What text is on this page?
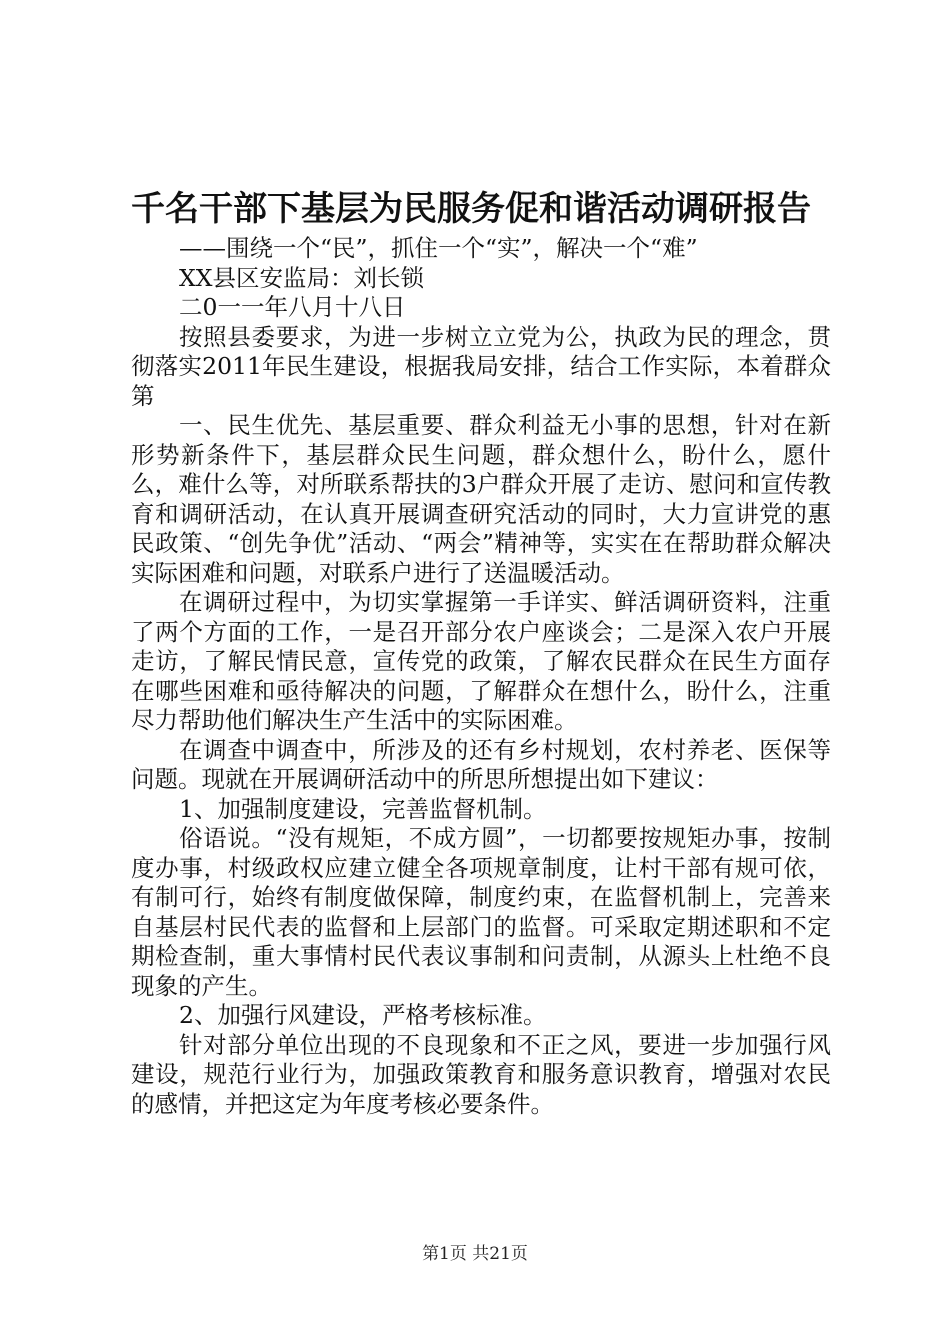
千名干部下基层为民服务促和谐活动调研报告

——围绕一个“民”，抓住一个“实”，解决一个“难”

XX县区安监局：刘长锁

二0一一年八月十八日

按照县委要求，为进一步树立立党为公，执政为民的理念，贯彻落实2011年民生建设，根据我局安排，结合工作实际，本着群众第

一、民生优先、基层重要、群众利益无小事的思想，针对在新形势新条件下，基层群众民生问题，群众想什么，盼什么，愿什么，难什么等，对所联系帮扶的3户群众开展了走访、慰问和宣传教育和调研活动，在认真开展调查研究活动的同时，大力宣讲党的惠民政策、“创先争优”活动、“两会”精神等，实实在在帮助群众解决实际困难和问题，对联系户进行了送温暖活动。

在调研过程中，为切实掌握第一手详实、鲜活调研资料，注重了两个方面的工作，一是召开部分农户座谈会；二是深入农户开展走访，了解民情民意，宣传党的政策，了解农民群众在民生方面存在哪些困难和亟待解决的问题，了解群众在想什么，盼什么，注重尽力帮助他们解决生产生活中的实际困难。

在调查中调查中，所涉及的还有乡村规划，农村养老、医保等问题。现就在开展调研活动中的所思所想提出如下建议：

1、加强制度建设，完善监督机制。

俗语说。“没有规矩，不成方圆”，一切都要按规矩办事，按制度办事，村级政权应建立健全各项规章制度，让村干部有规可依，有制可行，始终有制度做保障，制度约束，在监督机制上，完善来自基层村民代表的监督和上层部门的监督。可采取定期述职和不定期检查制，重大事情村民代表议事制和问责制，从源头上杜绝不良现象的产生。

2、加强行风建设，严格考核标准。

针对部分单位出现的不良现象和不正之风，要进一步加强行风建设，规范行业行为，加强政策教育和服务意识教育，增强对农民的感情，并把这定为年度考核必要条件。

第1页 共21页
